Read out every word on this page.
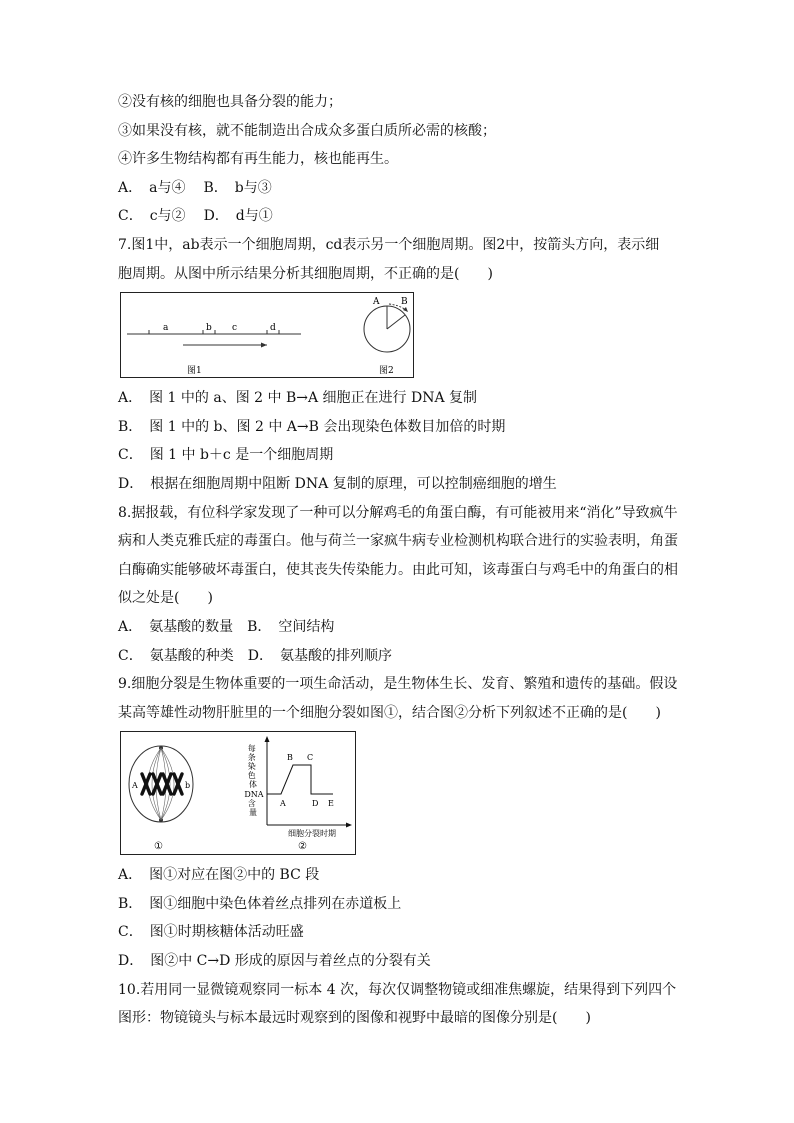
②没有核的细胞也具备分裂的能力；
③如果没有核，就不能制造出合成众多蛋白质所必需的核酸；
④许多生物结构都有再生能力，核也能再生。
A．　a与④ B．　b与③
C．　c与② D．　d与①
7.图1中，ab表示一个细胞周期，cd表示另一个细胞周期。图2中，按箭头方向，表示细
胞周期。从图中所示结果分析其细胞周期，不正确的是(　　)
a	b c	d
图1
A B
图2
A．　图 1 中的 a、图 2 中 B→A 细胞正在进行 DNA 复制
B．　图 1 中的 b、图 2 中 A→B 会出现染色体数目加倍的时期
C．　图 1 中 b＋c 是一个细胞周期
D．　根据在细胞周期中阻断 DNA 复制的原理，可以控制癌细胞的增生
8.据报载，有位科学家发现了一种可以分解鸡毛的角蛋白酶，有可能被用来“消化”导致疯牛
病和人类克雅氏症的毒蛋白。他与荷兰一家疯牛病专业检测机构联合进行的实验表明，角蛋
白酶确实能够破坏毒蛋白，使其丧失传染能力。由此可知，该毒蛋白与鸡毛中的角蛋白的相
似之处是(　　)
A．　氨基酸的数量 B．　空间结构
C．　氨基酸的种类 D．　氨基酸的排列顺序
9.细胞分裂是生物体重要的一项生命活动，是生物体生长、发育、繁殖和遗传的基础。假设
某高等雄性动物肝脏里的一个细胞分裂如图①，结合图②分析下列叙述不正确的是(　　)
A	b
每 条 染 色 体
DNA
含 量
A
B C
D E
细胞分裂时期
①	②
A．　图①对应在图②中的 BC 段
B．　图①细胞中染色体着丝点排列在赤道板上
C．　图①时期核糖体活动旺盛
D．　图②中 C→D 形成的原因与着丝点的分裂有关
10.若用同一显微镜观察同一标本 4 次，每次仅调整物镜或细准焦螺旋，结果得到下列四个
图形：物镜镜头与标本最远时观察到的图像和视野中最暗的图像分别是(　　)
